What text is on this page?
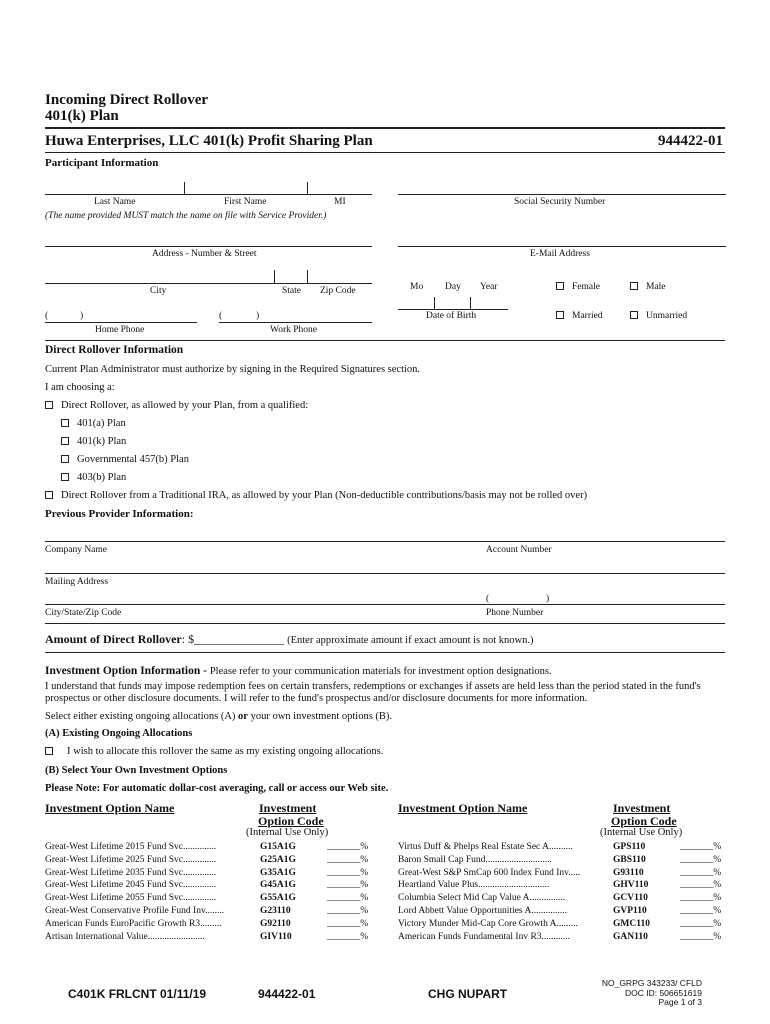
Incoming Direct Rollover
401(k) Plan
Huwa Enterprises, LLC 401(k) Profit Sharing Plan	944422-01
Participant Information
Last Name	First Name	MI
(The name provided MUST match the name on file with Service Provider.)
Social Security Number
Address - Number & Street	E-Mail Address
City	State Zip Code	Mo Day Year
Date of Birth
Female	Male
Married	Unmarried
(	)
Home Phone
(	)
Work Phone
Direct Rollover Information
Current Plan Administrator must authorize by signing in the Required Signatures section.
I am choosing a:
Direct Rollover, as allowed by your Plan, from a qualified:
401(a) Plan
401(k) Plan
Governmental 457(b) Plan
403(b) Plan
Direct Rollover from a Traditional IRA, as allowed by your Plan (Non-deductible contributions/basis may not be rolled over)
Previous Provider Information:
Company Name	Account Number
Mailing Address
(	)
City/State/Zip Code	Phone Number
Amount of Direct Rollover: $_______________ (Enter approximate amount if exact amount is not known.)
Investment Option Information - Please refer to your communication materials for investment option designations.
I understand that funds may impose redemption fees on certain transfers, redemptions or exchanges if assets are held less than the period stated in the fund's prospectus or other disclosure documents. I will refer to the fund's prospectus and/or disclosure documents for more information.
Select either existing ongoing allocations (A) or your own investment options (B).
(A) Existing Ongoing Allocations
I wish to allocate this rollover the same as my existing ongoing allocations.
(B) Select Your Own Investment Options
Please Note: For automatic dollar-cost averaging, call or access our Web site.
Investment Option Name	Investment
Option Code
(Internal Use Only)
Investment Option Name	Investment
Option Code
(Internal Use Only)
Great-West Lifetime 2015 Fund Svc..............	G15A1G	_______%
Great-West Lifetime 2025 Fund Svc..............	G25A1G	_______%
Great-West Lifetime 2035 Fund Svc..............	G35A1G	_______%
Great-West Lifetime 2045 Fund Svc..............	G45A1G	_______%
Great-West Lifetime 2055 Fund Svc..............	G55A1G	_______%
Great-West Conservative Profile Fund Inv........	G23110	_______%
American Funds EuroPacific Growth R3.........	G92110	_______%
Artisan International Value........................	GIV110	_______%
Virtus Duff & Phelps Real Estate Sec A..........	GPS110	_______%
Baron Small Cap Fund............................	GBS110	_______%
Great-West S&P SmCap 600 Index Fund Inv.....	G93110	_______%
Heartland Value Plus..............................	GHV110	_______%
Columbia Select Mid Cap Value A...............	GCV110	_______%
Lord Abbett Value Opportunities A...............	GVP110	_______%
Victory Munder Mid-Cap Core Growth A.........	GMC110	_______%
American Funds Fundamental Inv R3............	GAN110	_______%
C401K FRLCNT 01/11/19	944422-01	CHG NUPART
NO_GRPG 343233/ CFLD
DOC ID: 506651619
Page 1 of 3
